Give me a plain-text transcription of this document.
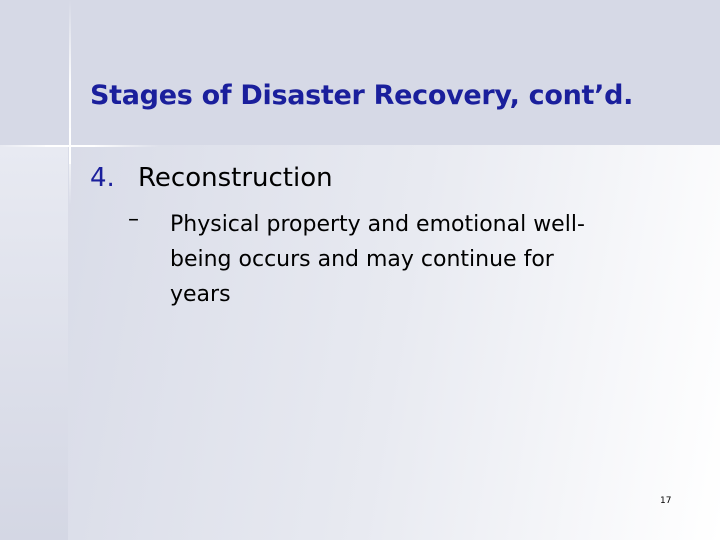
Stages of Disaster Recovery, cont’d.
4. Reconstruction
– Physical property and emotional well-
being occurs and may continue for
years
17
